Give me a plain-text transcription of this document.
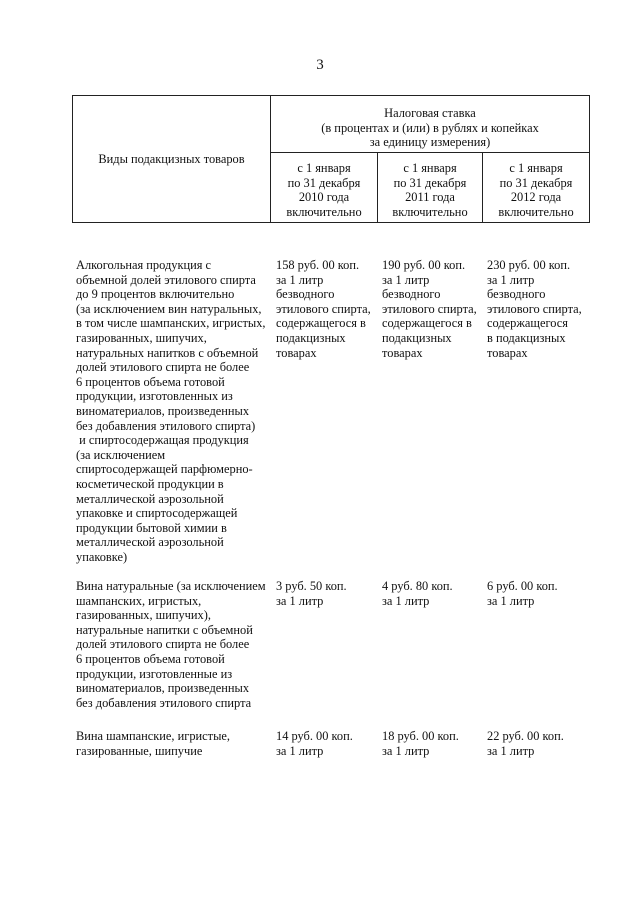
3
Виды подакцизных товаров
Налоговая ставка
(в процентах и (или) в рублях и копейках
за единицу измерения)
с 1 января
по 31 декабря
2010 года
включительно
с 1 января
по 31 декабря
2011 года
включительно
с 1 января
по 31 декабря
2012 года
включительно
Алкогольная продукция с
объемной долей этилового спирта
до 9 процентов включительно
(за исключением вин натуральных,
в том числе шампанских, игристых,
газированных, шипучих,
натуральных напитков с объемной
долей этилового спирта не более
6 процентов объема готовой
продукции, изготовленных из
виноматериалов, произведенных
без добавления этилового спирта)
и спиртосодержащая продукция
(за исключением
спиртосодержащей парфюмерно-
косметической продукции в
металлической аэрозольной
упаковке и спиртосодержащей
продукции бытовой химии в
металлической аэрозольной
упаковке)
158 руб. 00 коп.
за 1 литр
безводного
этилового спирта,
содержащегося в
подакцизных
товарах
190 руб. 00 коп.
за 1 литр
безводного
этилового спирта,
содержащегося в
подакцизных
товарах
230 руб. 00 коп.
за 1 литр
безводного
этилового спирта,
содержащегося
в подакцизных
товарах
Вина натуральные (за исключением
шампанских, игристых,
газированных, шипучих),
натуральные напитки с объемной
долей этилового спирта не более
6 процентов объема готовой
продукции, изготовленные из
виноматериалов, произведенных
без добавления этилового спирта
3 руб. 50 коп.
за 1 литр
4 руб. 80 коп.
за 1 литр
6 руб. 00 коп.
за 1 литр
Вина шампанские, игристые,
газированные, шипучие
14 руб. 00 коп.
за 1 литр
18 руб. 00 коп.
за 1 литр
22 руб. 00 коп.
за 1 литр
